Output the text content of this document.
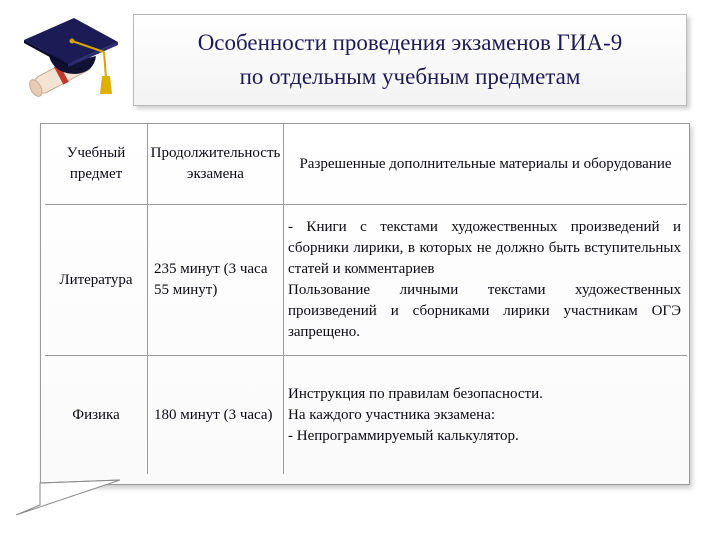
Особенности проведения экзаменов ГИА-9
по отдельным учебным предметам
Учебный предмет	Продолжительность экзамена	Разрешенные дополнительные материалы и оборудование
Литература	235 минут (3 часа 55 минут)	- Книги с текстами художественных произведений и сборники лирики, в которых не должно быть вступительных статей и комментариев
Пользование личными текстами художественных произведений и сборниками лирики участникам ОГЭ запрещено.

Физика	180 минут (3 часа)	Инструкция по правилам безопасности.
На каждого участника экзамена:
- Непрограммируемый калькулятор.
